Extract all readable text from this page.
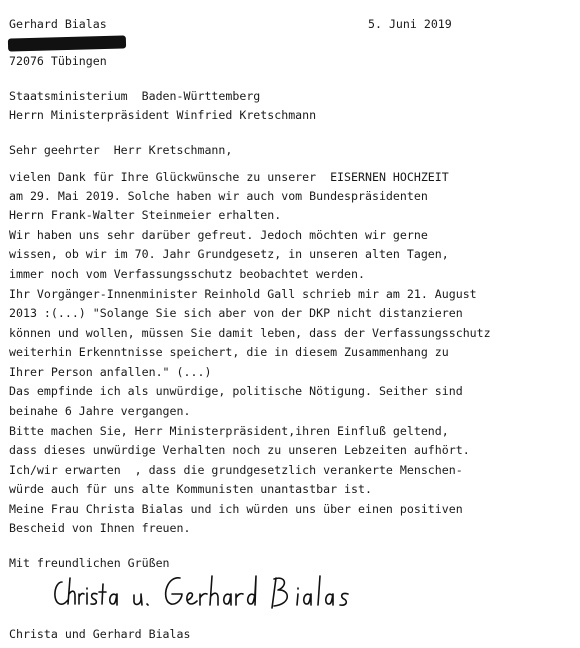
Gerhard Bialas	5. Juni 2019
72076 Tübingen
Staatsministerium  Baden-Württemberg
Herrn Ministerpräsident Winfried Kretschmann
Sehr geehrter  Herr Kretschmann,
vielen Dank für Ihre Glückwünsche zu unserer  EISERNEN HOCHZEIT
am 29. Mai 2019. Solche haben wir auch vom Bundespräsidenten
Herrn Frank-Walter Steinmeier erhalten.
Wir haben uns sehr darüber gefreut. Jedoch möchten wir gerne
wissen, ob wir im 70. Jahr Grundgesetz, in unseren alten Tagen,
immer noch vom Verfassungsschutz beobachtet werden.
Ihr Vorgänger-Innenminister Reinhold Gall schrieb mir am 21. August
2013 :(...) "Solange Sie sich aber von der DKP nicht distanzieren
können und wollen, müssen Sie damit leben, dass der Verfassungsschutz
weiterhin Erkenntnisse speichert, die in diesem Zusammenhang zu
Ihrer Person anfallen." (...)
Das empfinde ich als unwürdige, politische Nötigung. Seither sind
beinahe 6 Jahre vergangen.
Bitte machen Sie, Herr Ministerpräsident,ihren Einfluß geltend,
dass dieses unwürdige Verhalten noch zu unseren Lebzeiten aufhört.
Ich/wir erwarten  , dass die grundgesetzlich verankerte Menschen-
würde auch für uns alte Kommunisten unantastbar ist.
Meine Frau Christa Bialas und ich würden uns über einen positiven
Bescheid von Ihnen freuen.
Mit freundlichen Grüßen
Christa und Gerhard Bialas
